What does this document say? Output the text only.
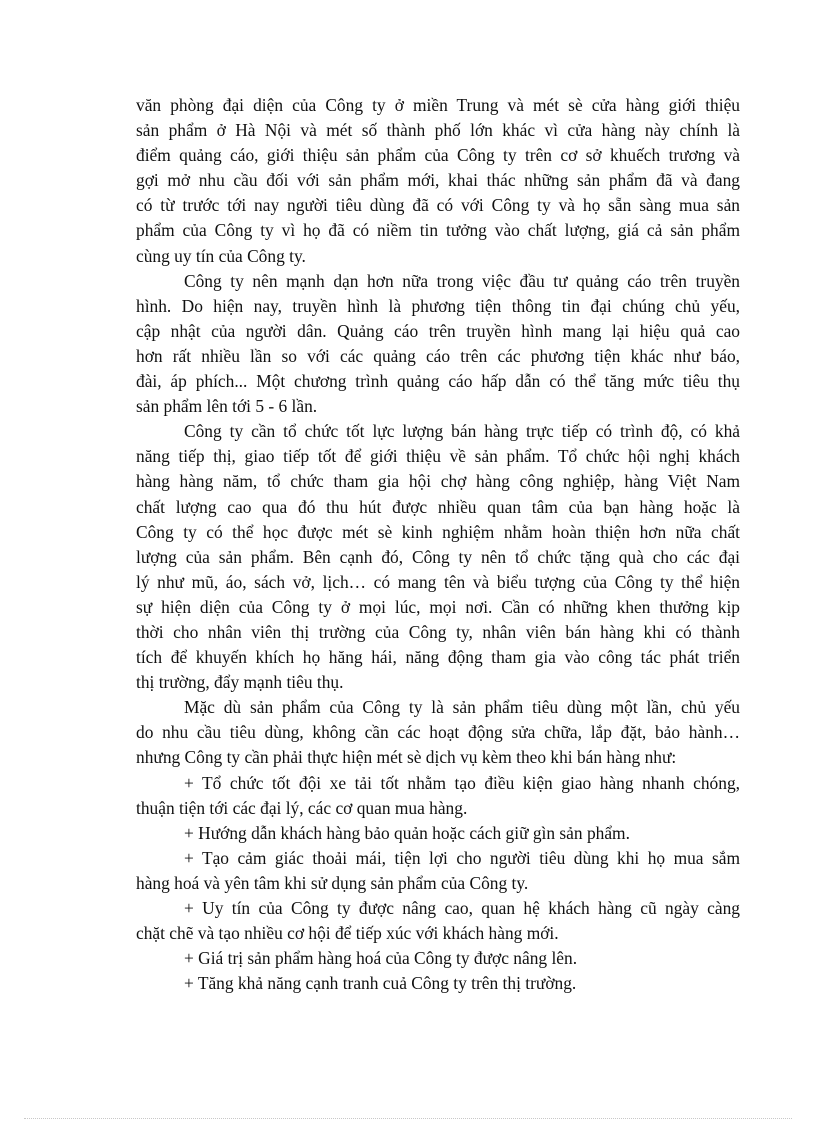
văn phòng đại diện của Công ty ở miền Trung và mét sè cửa hàng giới thiệu
sản phẩm ở Hà Nội và mét số thành phố lớn khác vì cửa hàng này chính là
điểm quảng cáo, giới thiệu sản phẩm của Công ty trên cơ sở khuếch trương và
gợi mở nhu cầu đối với sản phẩm mới, khai thác những sản phẩm đã và đang
có từ trước tới nay người tiêu dùng đã có với Công ty và họ sẵn sàng mua sản
phẩm của Công ty vì họ đã có niềm tin tưởng vào chất lượng, giá cả sản phẩm
cùng uy tín của Công ty.
Công ty nên mạnh dạn hơn nữa trong việc đầu tư quảng cáo trên truyền
hình. Do hiện nay, truyền hình là phương tiện thông tin đại chúng chủ yếu,
cập nhật của người dân. Quảng cáo trên truyền hình mang lại hiệu quả cao
hơn rất nhiều lần so với các quảng cáo trên các phương tiện khác như báo,
đài, áp phích... Một chương trình quảng cáo hấp dẫn có thể tăng mức tiêu thụ
sản phẩm lên tới 5 - 6 lần.
Công ty cần tổ chức tốt lực lượng bán hàng trực tiếp có trình độ, có khả
năng tiếp thị, giao tiếp tốt để giới thiệu về sản phẩm. Tổ chức hội nghị khách
hàng hàng năm, tổ chức tham gia hội chợ hàng công nghiệp, hàng Việt Nam
chất lượng cao qua đó thu hút được nhiều quan tâm của bạn hàng hoặc là
Công ty có thể học được mét sè kinh nghiệm nhằm hoàn thiện hơn nữa chất
lượng của sản phẩm. Bên cạnh đó, Công ty nên tổ chức tặng quà cho các đại
lý như mũ, áo, sách vở, lịch… có mang tên và biểu tượng của Công ty thể hiện
sự hiện diện của Công ty ở mọi lúc, mọi nơi. Cần có những khen thưởng kịp
thời cho nhân viên thị trường của Công ty, nhân viên bán hàng khi có thành
tích để khuyến khích họ hăng hái, năng động tham gia vào công tác phát triển
thị trường, đẩy mạnh tiêu thụ.
Mặc dù sản phẩm của Công ty là sản phẩm tiêu dùng một lần, chủ yếu
do nhu cầu tiêu dùng, không cần các hoạt động sửa chữa, lắp đặt, bảo hành…
nhưng Công ty cần phải thực hiện mét sè dịch vụ kèm theo khi bán hàng như:
+ Tổ chức tốt đội xe tải tốt nhằm tạo điều kiện giao hàng nhanh chóng,
thuận tiện tới các đại lý, các cơ quan mua hàng.
+ Hướng dẫn khách hàng bảo quản hoặc cách giữ gìn sản phẩm.
+ Tạo cảm giác thoải mái, tiện lợi cho người tiêu dùng khi họ mua sắm
hàng hoá và yên tâm khi sử dụng sản phẩm của Công ty.
+ Uy tín của Công ty được nâng cao, quan hệ khách hàng cũ ngày càng
chặt chẽ và tạo nhiều cơ hội để tiếp xúc với khách hàng mới.
+ Giá trị sản phẩm hàng hoá của Công ty được nâng lên.
+ Tăng khả năng cạnh tranh cuả Công ty trên thị trường.
